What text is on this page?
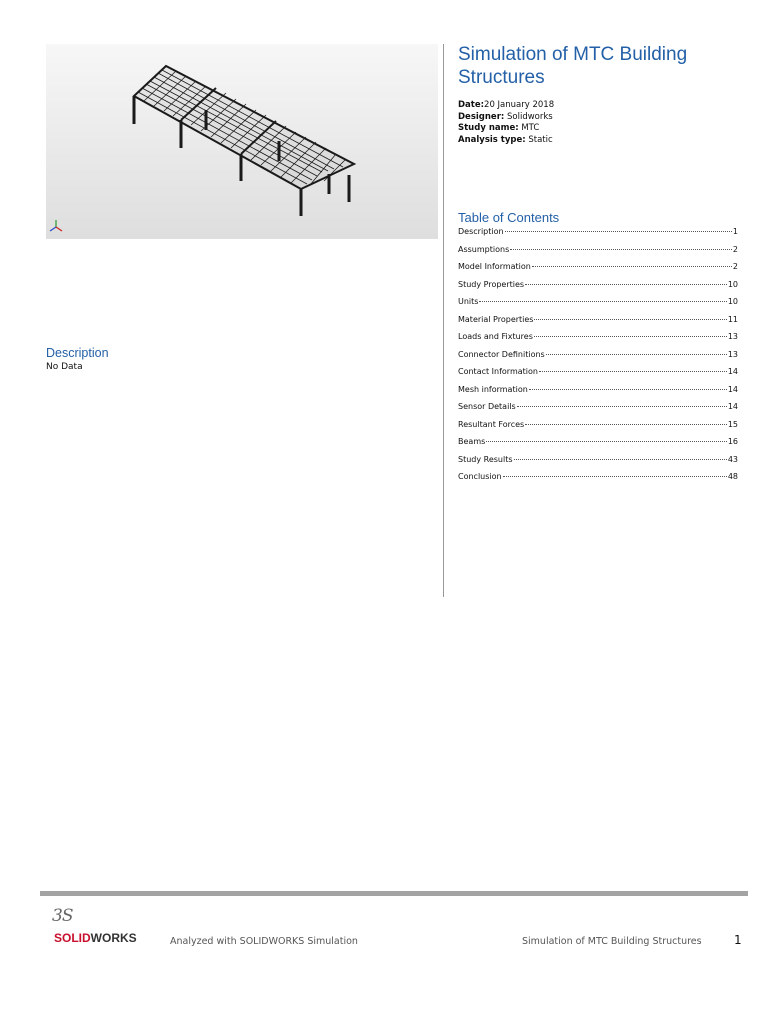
Simulation of MTC Building Structures
Date:20 January 2018
Designer: Solidworks
Study name: MTC
Analysis type: Static
Table of Contents
Description	1
Assumptions	2
Model Information	2
Study Properties	10
Units	10
Material Properties	11
Loads and Fixtures	13
Connector Definitions	13
Contact Information	14
Mesh information	14
Sensor Details	14
Resultant Forces	15
Beams	16
Study Results	43
Conclusion	48
Description
No Data
3S
SOLIDWORKS	Analyzed with SOLIDWORKS Simulation	Simulation of MTC Building Structures	1
